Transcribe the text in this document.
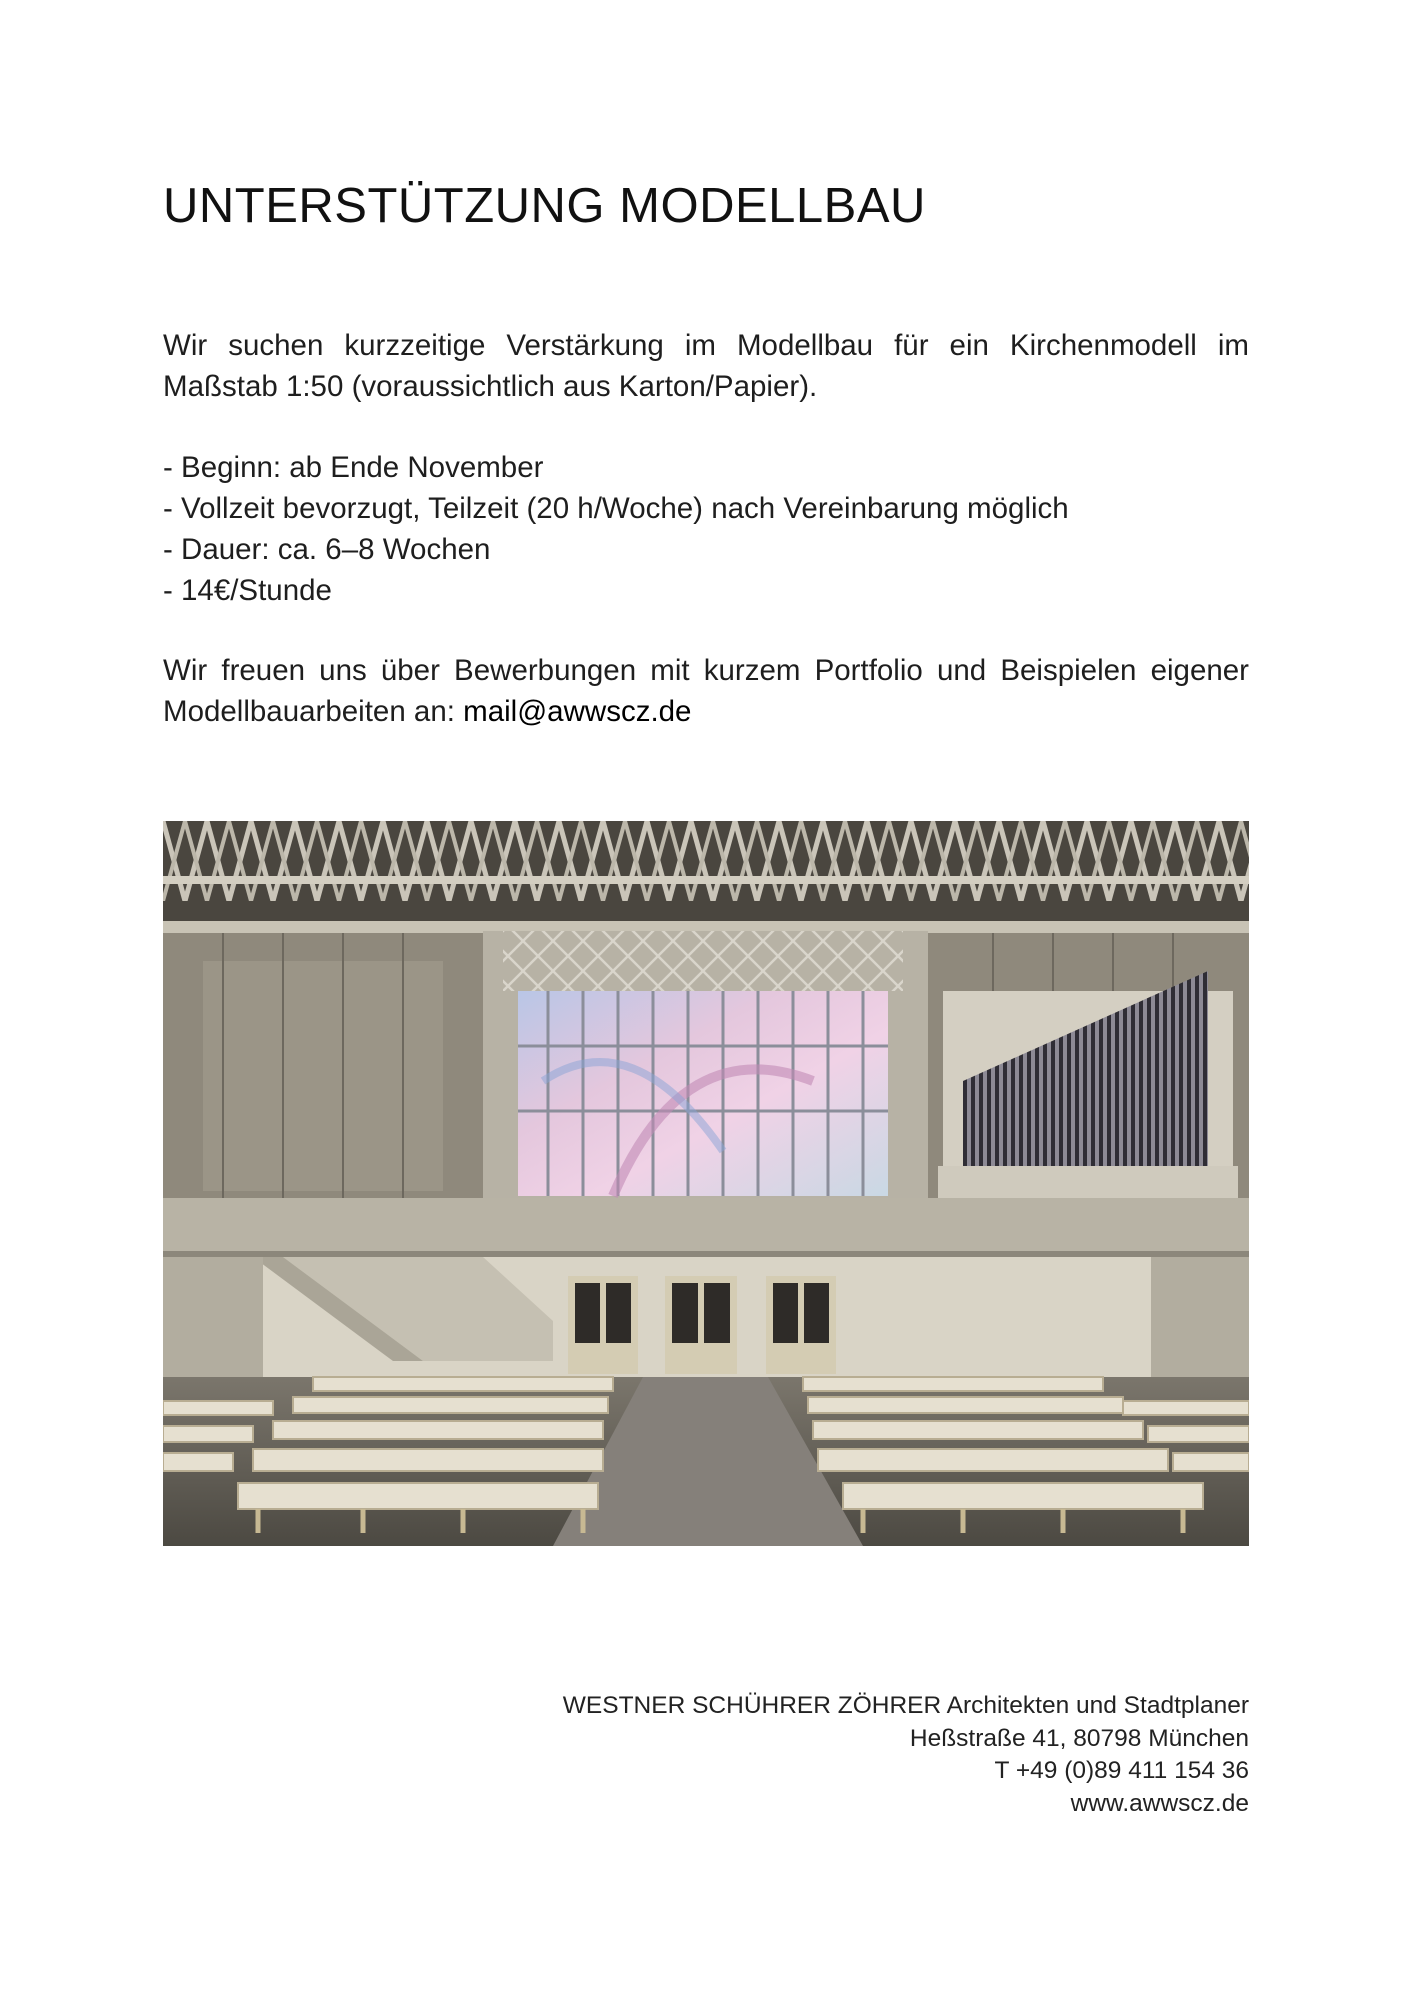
UNTERSTÜTZUNG MODELLBAU

Wir suchen kurzzeitige Verstärkung im Modellbau für ein Kirchenmodell im Maßstab 1:50 (voraussichtlich aus Karton/Papier).

- Beginn: ab Ende November
- Vollzeit bevorzugt, Teilzeit (20 h/Woche) nach Vereinbarung möglich
- Dauer: ca. 6–8 Wochen
- 14€/Stunde

Wir freuen uns über Bewerbungen mit kurzem Portfolio und Beispielen eigener Modellbauarbeiten an: mail@awwscz.de

WESTNER SCHÜHRER ZÖHRER Architekten und Stadtplaner
Heßstraße 41, 80798 München
T +49 (0)89 411 154 36
www.awwscz.de
